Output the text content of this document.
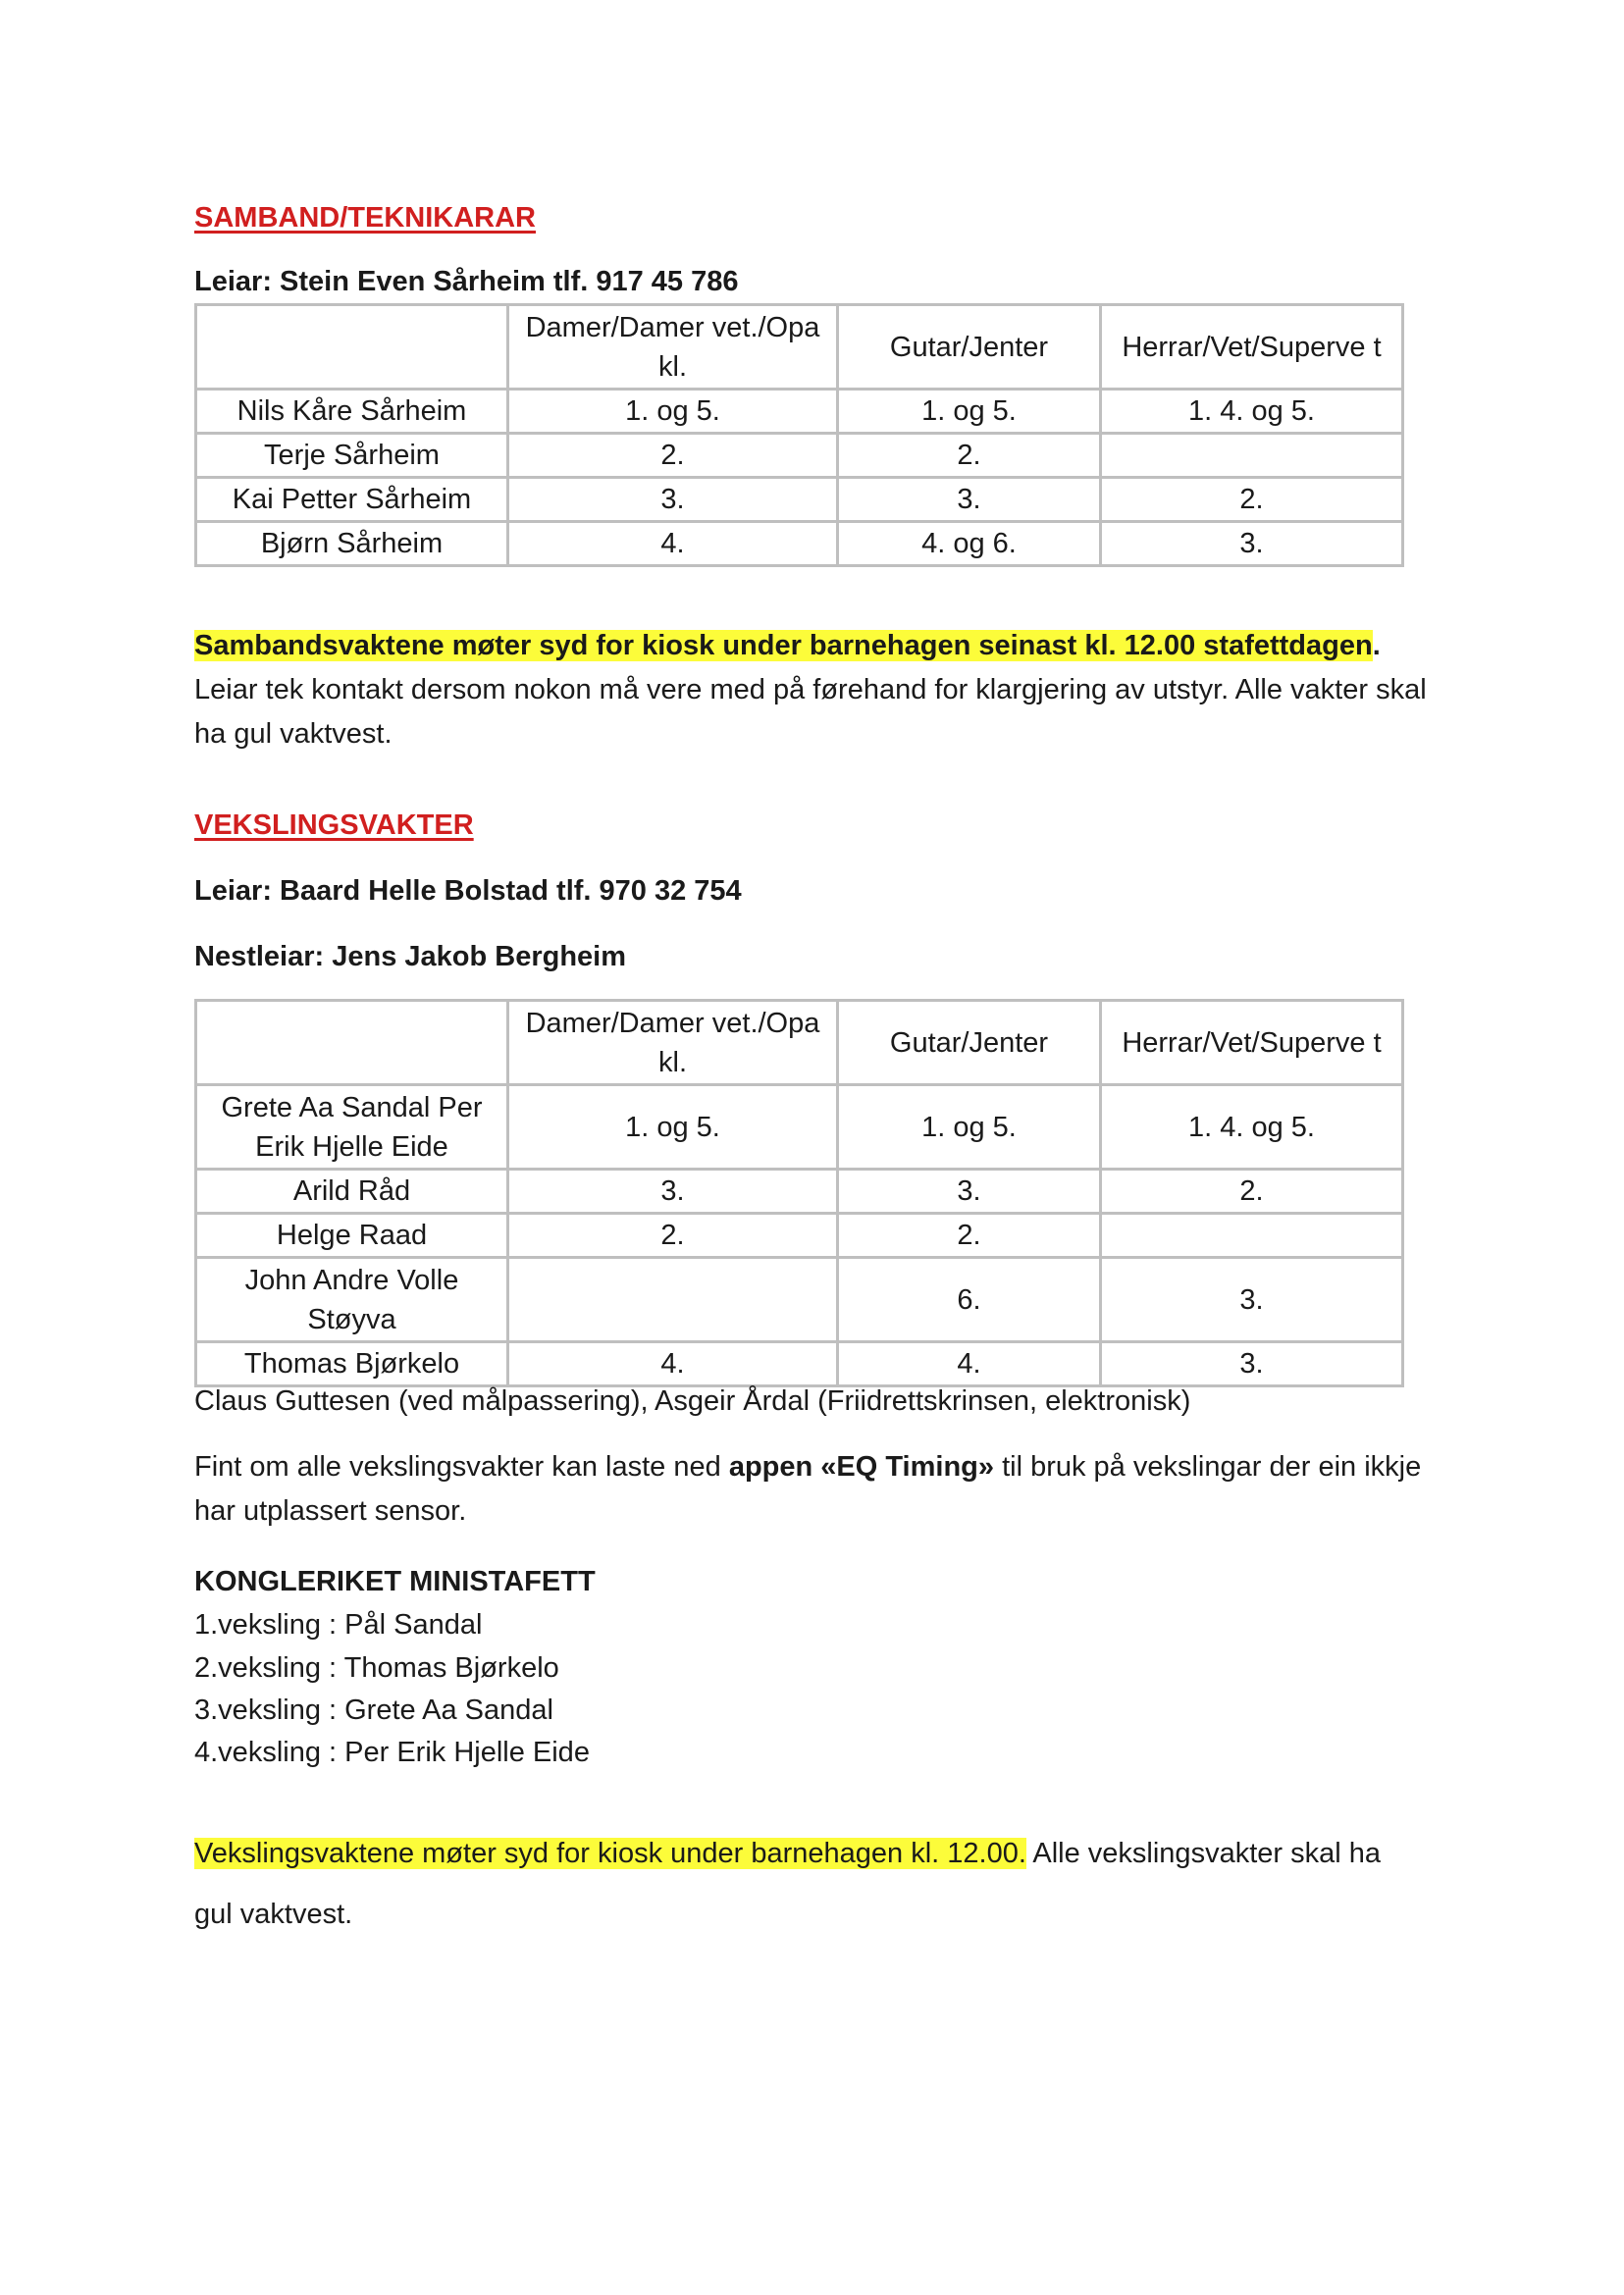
SAMBAND/TEKNIKARAR
Leiar: Stein Even Sårheim tlf. 917 45 786
	Damer/Damer vet./Opa kl.	Gutar/Jenter	Herrar/Vet/Superve t
Nils Kåre Sårheim	1. og 5.	1. og 5.	1. 4. og 5.
Terje Sårheim	2.	2.	
Kai Petter Sårheim	3.	3.	2.
Bjørn Sårheim	4.	4. og 6.	3.
Sambandsvaktene møter syd for kiosk under barnehagen seinast kl. 12.00 stafettdagen.
Leiar tek kontakt dersom nokon må vere med på førehand for klargjering av utstyr. Alle vakter skal ha gul vaktvest.
VEKSLINGSVAKTER
Leiar: Baard Helle Bolstad tlf. 970 32 754
Nestleiar: Jens Jakob Bergheim
	Damer/Damer vet./Opa kl.	Gutar/Jenter	Herrar/Vet/Superve t
Grete Aa Sandal Per Erik Hjelle Eide	1. og 5.	1. og 5.	1. 4. og 5.
Arild Råd	3.	3.	2.
Helge Raad	2.	2.	
John Andre Volle Støyva		6.	3.
Thomas Bjørkelo	4.	4.	3.
Claus Guttesen (ved målpassering), Asgeir Årdal (Friidrettskrinsen, elektronisk)
Fint om alle vekslingsvakter kan laste ned appen «EQ Timing» til bruk på vekslingar der ein ikkje har utplassert sensor.
KONGLERIKET MINISTAFETT
1.veksling : Pål Sandal
2.veksling : Thomas Bjørkelo
3.veksling : Grete Aa Sandal
4.veksling : Per Erik Hjelle Eide
Vekslingsvaktene møter syd for kiosk under barnehagen kl. 12.00. Alle vekslingsvakter skal ha
gul vaktvest.
